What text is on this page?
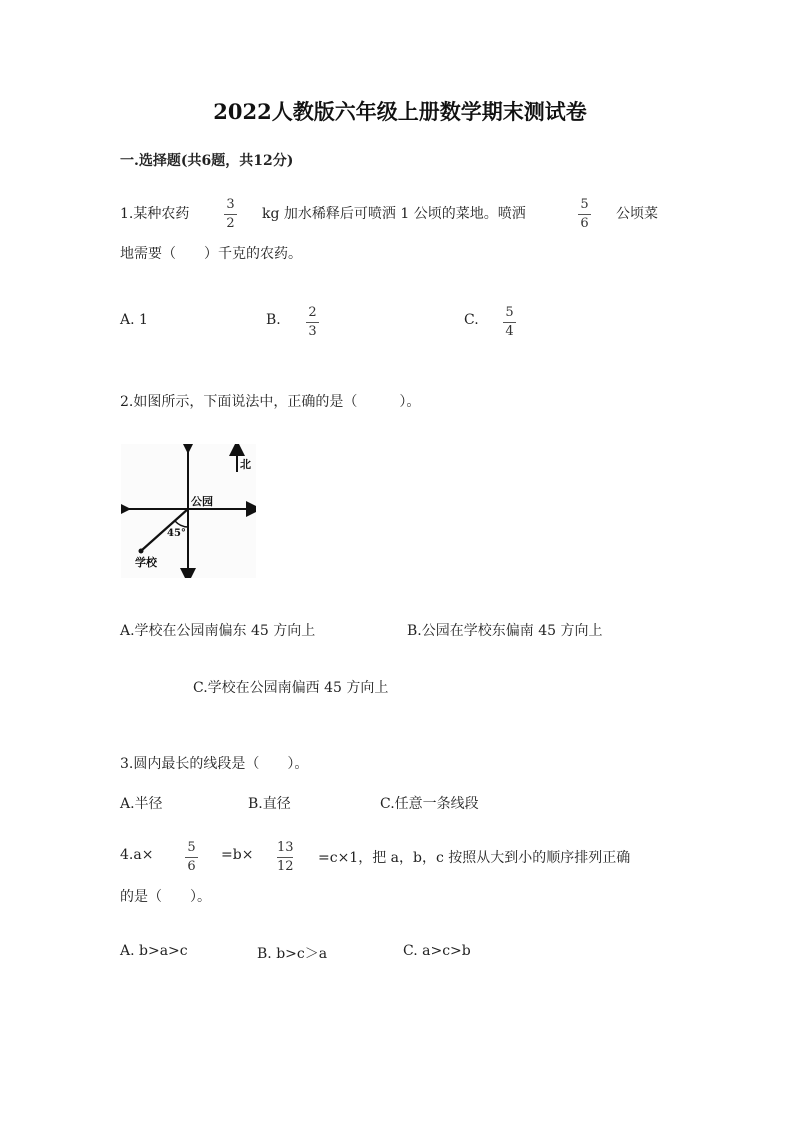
2022人教版六年级上册数学期末测试卷
一.选择题(共6题，共12分)
1.某种农药
3
2
kg 加水稀释后可喷洒 1 公顷的菜地。喷洒
5
6
公顷菜
地需要（　　）千克的农药。
A. 1	B. 2
3
C. 5
4
2.如图所示，下面说法中，正确的是（　　　）。
北
公园
45°
学校
A.学校在公园南偏东 45 方向上	B.公园在学校东偏南 45 方向上
C.学校在公园南偏西 45 方向上
3.圆内最长的线段是（　　）。
A.半径	B.直径	C.任意一条线段
4.a×	5
6
=b× 13
12
=c×1，把 a，b，c 按照从大到小的顺序排列正确
的是（　　）。
A. b>a>c	B. b>c＞a	C. a>c>b
